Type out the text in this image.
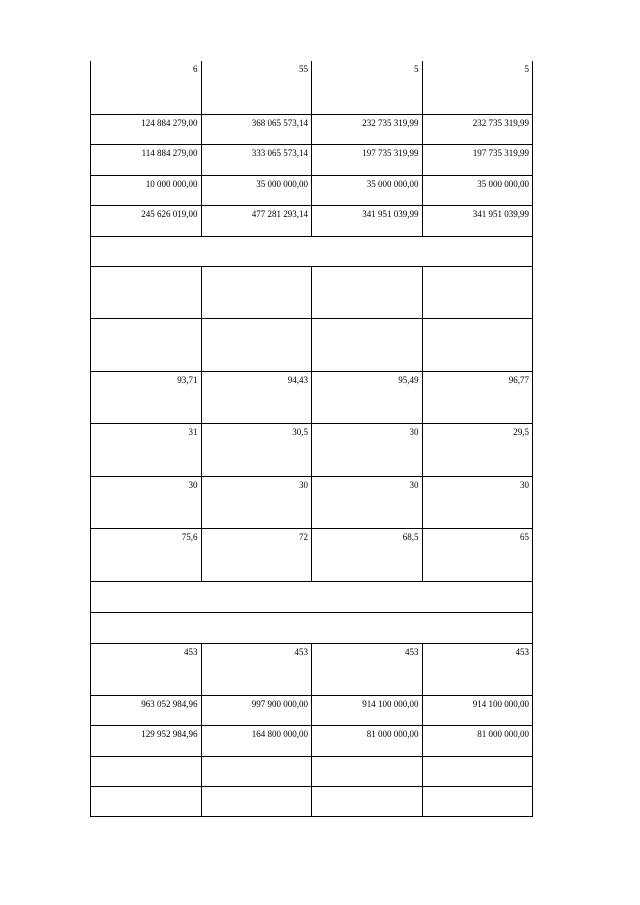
6	55	5	5
124 884 279,00	368 065 573,14	232 735 319,99	232 735 319,99
114 884 279,00	333 065 573,14	197 735 319,99	197 735 319,99
10 000 000,00	35 000 000,00	35 000 000,00	35 000 000,00
245 626 019,00	477 281 293,14	341 951 039,99	341 951 039,99

93,71	94,43	95,49	96,77
31	30,5	30	29,5
30	30	30	30
75,6	72	68,5	65

453	453	453	453
963 052 984,96	997 900 000,00	914 100 000,00	914 100 000,00
129 952 984,96	164 800 000,00	81 000 000,00	81 000 000,00
